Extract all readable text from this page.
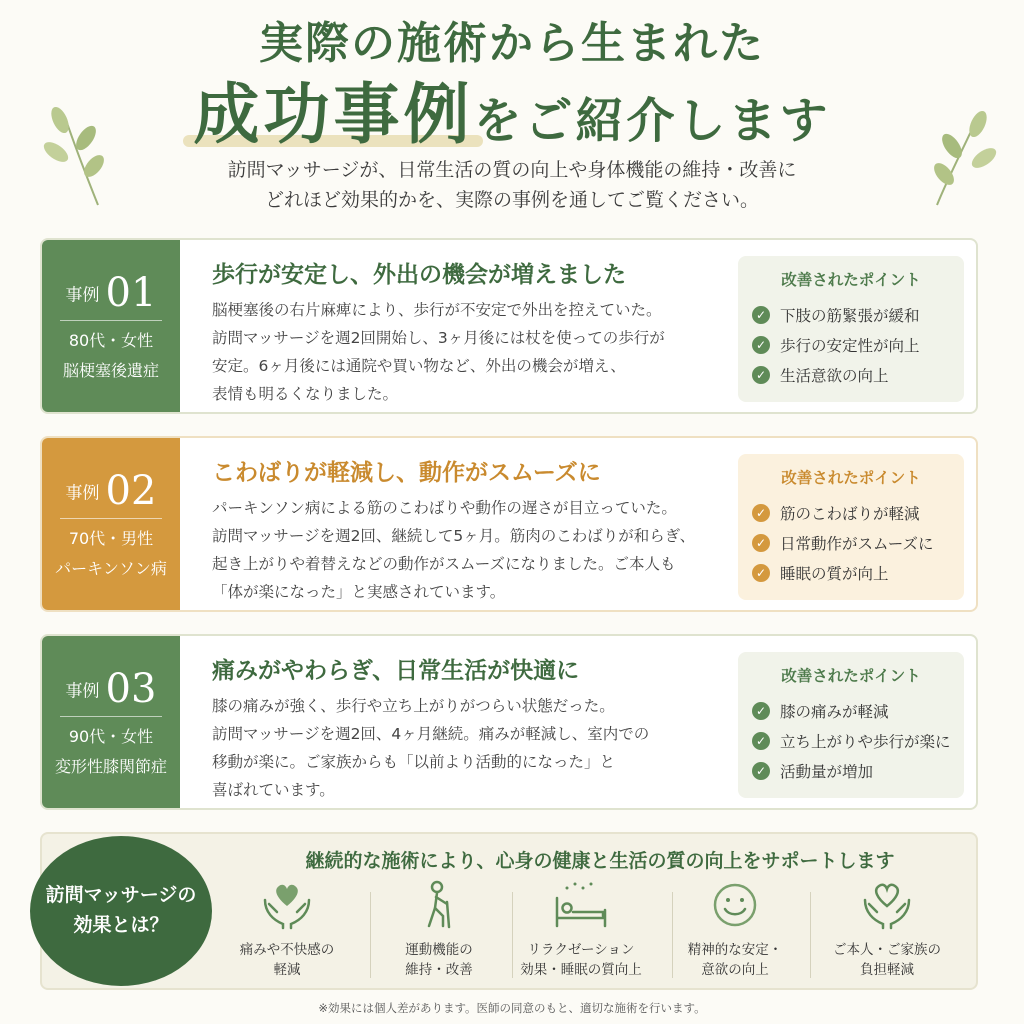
実際の施術から生まれた
成功事例をご紹介します
訪問マッサージが、日常生活の質の向上や身体機能の維持・改善に
どれほど効果的かを、実際の事例を通してご覧ください。
事例 01
80代・女性
脳梗塞後遺症
歩行が安定し、外出の機会が増えました
脳梗塞後の右片麻痺により、歩行が不安定で外出を控えていた。
訪問マッサージを週2回開始し、3ヶ月後には杖を使っての歩行が
安定。6ヶ月後には通院や買い物など、外出の機会が増え、
表情も明るくなりました。
改善されたポイント
✓ 下肢の筋緊張が緩和
✓ 歩行の安定性が向上
✓ 生活意欲の向上
事例 02
70代・男性
パーキンソン病
こわばりが軽減し、動作がスムーズに
パーキンソン病による筋のこわばりや動作の遅さが目立っていた。
訪問マッサージを週2回、継続して5ヶ月。筋肉のこわばりが和らぎ、
起き上がりや着替えなどの動作がスムーズになりました。ご本人も
「体が楽になった」と実感されています。
改善されたポイント
✓ 筋のこわばりが軽減
✓ 日常動作がスムーズに
✓ 睡眠の質が向上
事例 03
90代・女性
変形性膝関節症
痛みがやわらぎ、日常生活が快適に
膝の痛みが強く、歩行や立ち上がりがつらい状態だった。
訪問マッサージを週2回、4ヶ月継続。痛みが軽減し、室内での
移動が楽に。ご家族からも「以前より活動的になった」と
喜ばれています。
改善されたポイント
✓ 膝の痛みが軽減
✓ 立ち上がりや歩行が楽に
✓ 活動量が増加
訪問マッサージの
効果とは？
継続的な施術により、心身の健康と生活の質の向上をサポートします
痛みや不快感の
軽減
運動機能の
維持・改善
リラクゼーション
効果・睡眠の質向上
精神的な安定・
意欲の向上
ご本人・ご家族の
負担軽減
※効果には個人差があります。医師の同意のもと、適切な施術を行います。
